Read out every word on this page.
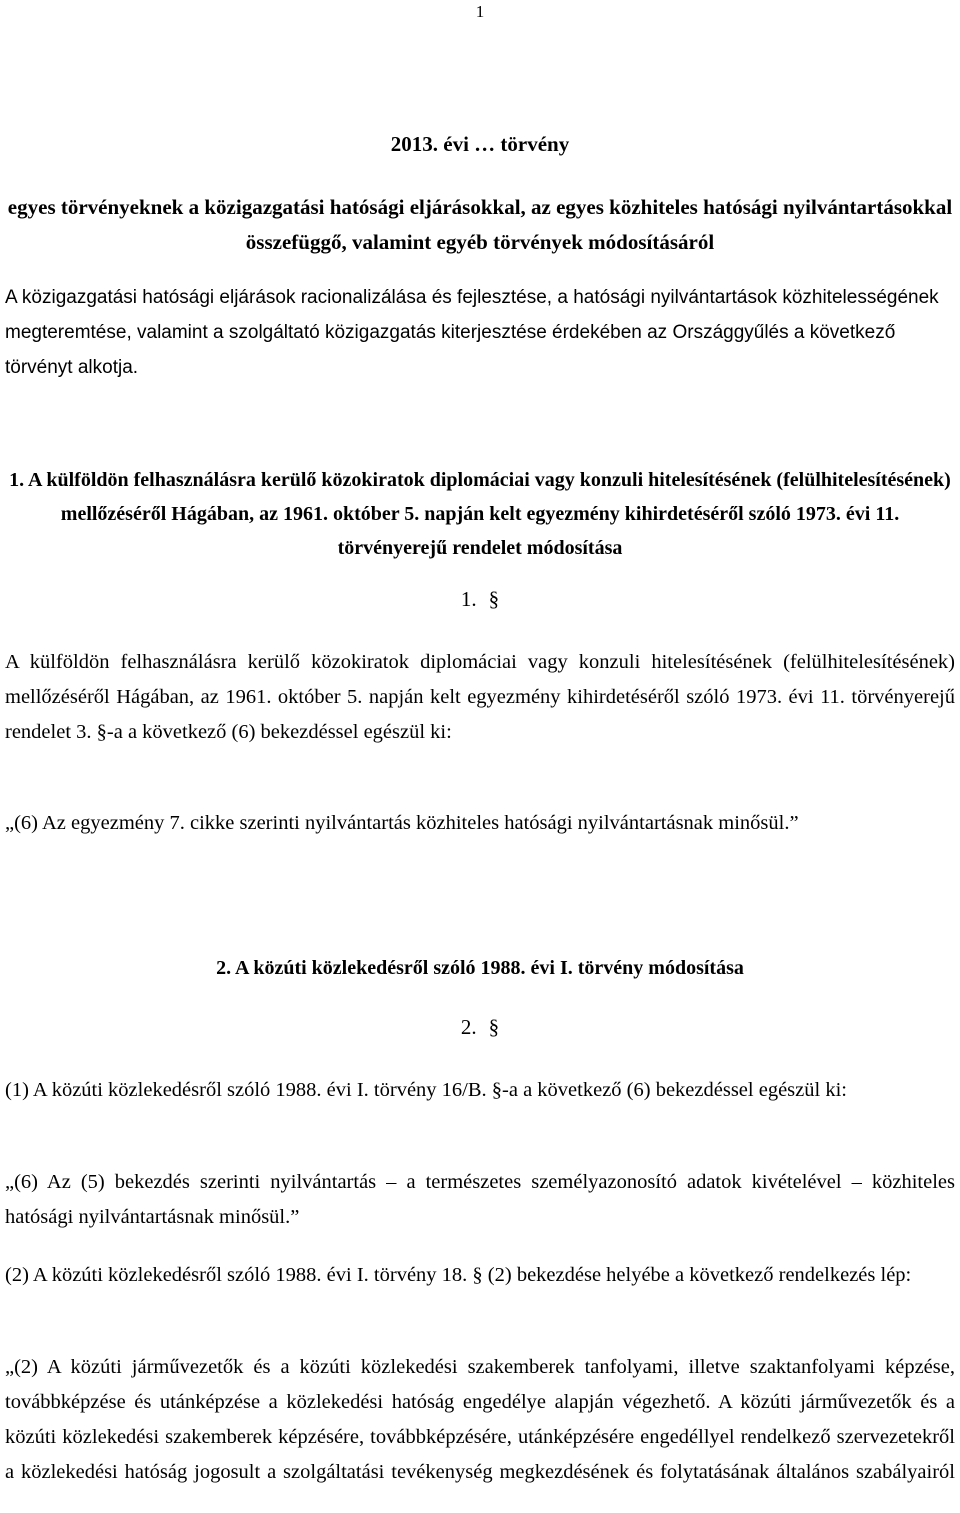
1
2013. évi … törvény
egyes törvényeknek a közigazgatási hatósági eljárásokkal, az egyes közhiteles hatósági nyilvántartásokkal összefüggő, valamint egyéb törvények módosításáról
A közigazgatási hatósági eljárások racionalizálása és fejlesztése, a hatósági nyilvántartások közhitelességének megteremtése, valamint a szolgáltató közigazgatás kiterjesztése érdekében az Országgyűlés a következő törvényt alkotja.
1. A külföldön felhasználásra kerülő közokiratok diplomáciai vagy konzuli hitelesítésének (felülhitelesítésének) mellőzéséről Hágában, az 1961. október 5. napján kelt egyezmény kihirdetéséről szóló 1973. évi 11. törvényerejű rendelet módosítása
1. §
A külföldön felhasználásra kerülő közokiratok diplomáciai vagy konzuli hitelesítésének (felülhitelesítésének) mellőzéséről Hágában, az 1961. október 5. napján kelt egyezmény kihirdetéséről szóló 1973. évi 11. törvényerejű rendelet 3. §-a a következő (6) bekezdéssel egészül ki:
„(6) Az egyezmény 7. cikke szerinti nyilvántartás közhiteles hatósági nyilvántartásnak minősül.”
2. A közúti közlekedésről szóló 1988. évi I. törvény módosítása
2. §
(1) A közúti közlekedésről szóló 1988. évi I. törvény 16/B. §-a a következő (6) bekezdéssel egészül ki:
„(6) Az (5) bekezdés szerinti nyilvántartás – a természetes személyazonosító adatok kivételével – közhiteles hatósági nyilvántartásnak minősül.”
(2) A közúti közlekedésről szóló 1988. évi I. törvény 18. § (2) bekezdése helyébe a következő rendelkezés lép:
„(2) A közúti járművezetők és a közúti közlekedési szakemberek tanfolyami, illetve szaktanfolyami képzése, továbbképzése és utánképzése a közlekedési hatóság engedélye alapján végezhető. A közúti járművezetők és a közúti közlekedési szakemberek képzésére, továbbképzésére, utánképzésére engedéllyel rendelkező szervezetekről a közlekedési hatóság jogosult a szolgáltatási tevékenység megkezdésének és folytatásának általános szabályairól
